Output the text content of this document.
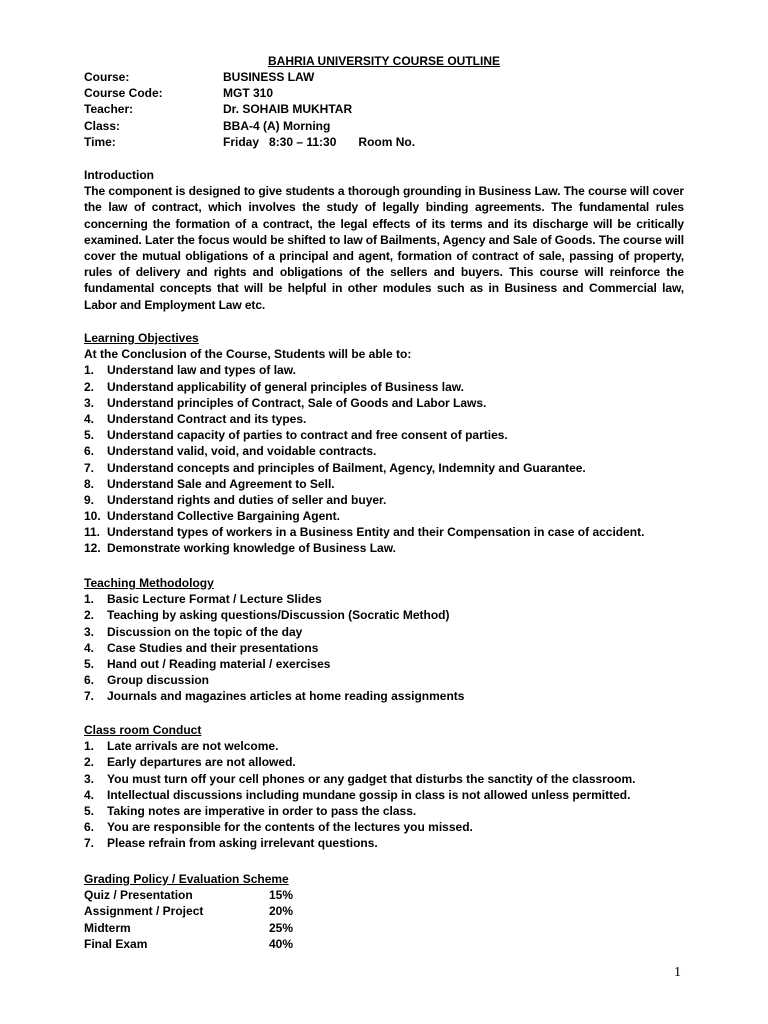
BAHRIA UNIVERSITY COURSE OUTLINE
Course:	BUSINESS LAW
Course Code:	MGT 310
Teacher:	Dr. SOHAIB MUKHTAR
Class:	BBA-4 (A) Morning
Time:	Friday   8:30 – 11:30 Room No.
Introduction
The component is designed to give students a thorough grounding in Business Law. The course will cover the law of contract, which involves the study of legally binding agreements. The fundamental rules concerning the formation of a contract, the legal effects of its terms and its discharge will be critically examined. Later the focus would be shifted to law of Bailments, Agency and Sale of Goods. The course will cover the mutual obligations of a principal and agent, formation of contract of sale, passing of property, rules of delivery and rights and obligations of the sellers and buyers. This course will reinforce the fundamental concepts that will be helpful in other modules such as in Business and Commercial law, Labor and Employment Law etc.
Learning Objectives
At the Conclusion of the Course, Students will be able to:
1.	Understand law and types of law.
2.	Understand applicability of general principles of Business law.
3.	Understand principles of Contract, Sale of Goods and Labor Laws.
4.	Understand Contract and its types.
5.	Understand capacity of parties to contract and free consent of parties.
6.	Understand valid, void, and voidable contracts.
7.	Understand concepts and principles of Bailment, Agency, Indemnity and Guarantee.
8.	Understand Sale and Agreement to Sell.
9.	Understand rights and duties of seller and buyer.
10. Understand Collective Bargaining Agent.
11. Understand types of workers in a Business Entity and their Compensation in case of accident.
12. Demonstrate working knowledge of Business Law.
Teaching Methodology
1.	Basic Lecture Format / Lecture Slides
2.	Teaching by asking questions/Discussion (Socratic Method)
3.	Discussion on the topic of the day
4.	Case Studies and their presentations
5.	Hand out / Reading material / exercises
6.	Group discussion
7.	Journals and magazines articles at home reading assignments
Class room Conduct
1.	Late arrivals are not welcome.
2.	Early departures are not allowed.
3.	You must turn off your cell phones or any gadget that disturbs the sanctity of the classroom.
4.	Intellectual discussions including mundane gossip in class is not allowed unless permitted.
5.	Taking notes are imperative in order to pass the class.
6.	You are responsible for the contents of the lectures you missed.
7.	Please refrain from asking irrelevant questions.
Grading Policy / Evaluation Scheme
Quiz / Presentation	15%
Assignment / Project	20%
Midterm	25%
Final Exam	40%
1
